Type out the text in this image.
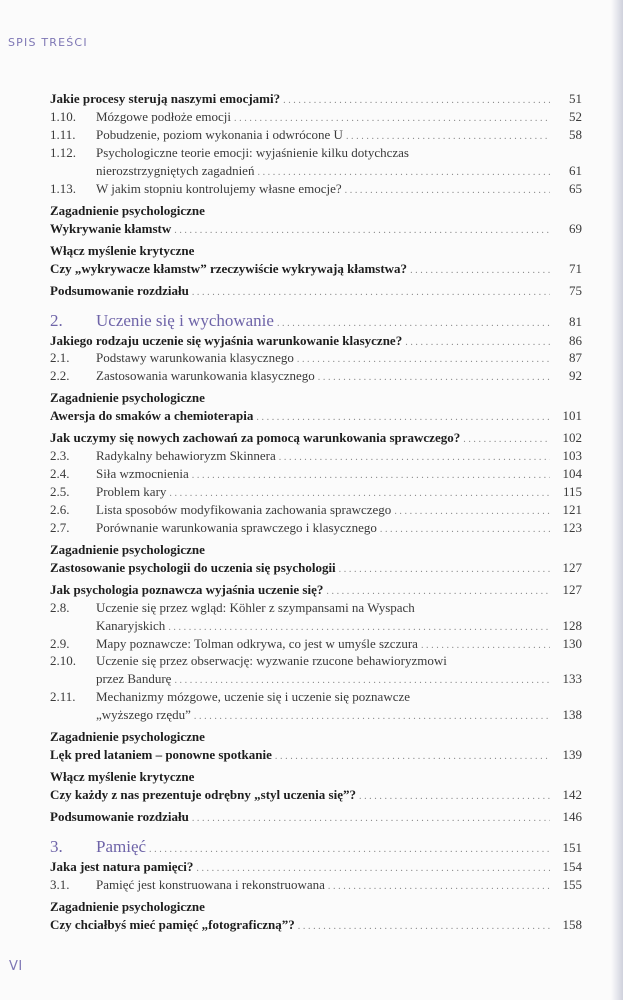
SPIS TREŚCI
Jakie procesy sterują naszymi emocjami? .....	51
1.10.	Mózgowe podłoże emocji .....	52
1.11.	Pobudzenie, poziom wykonania i odwrócone U .....	58
1.12.	Psychologiczne teorie emocji: wyjaśnienie kilku dotychczas
nierozstrzygniętych zagadnień .....	61
1.13.	W jakim stopniu kontrolujemy własne emocje? .....	65
Zagadnienie psychologiczne
Wykrywanie kłamstw .....	69
Włącz myślenie krytyczne
Czy „wykrywacze kłamstw” rzeczywiście wykrywają kłamstwa? .....	71
Podsumowanie rozdziału .....	75
2.	Uczenie się i wychowanie .....	81
Jakiego rodzaju uczenie się wyjaśnia warunkowanie klasyczne? .....	86
2.1.	Podstawy warunkowania klasycznego .....	87
2.2.	Zastosowania warunkowania klasycznego .....	92
Zagadnienie psychologiczne
Awersja do smaków a chemioterapia .....	101
Jak uczymy się nowych zachowań za pomocą warunkowania sprawczego? .....	102
2.3.	Radykalny behawioryzm Skinnera .....	103
2.4.	Siła wzmocnienia .....	104
2.5.	Problem kary .....	115
2.6.	Lista sposobów modyfikowania zachowania sprawczego .....	121
2.7.	Porównanie warunkowania sprawczego i klasycznego .....	123
Zagadnienie psychologiczne
Zastosowanie psychologii do uczenia się psychologii .....	127
Jak psychologia poznawcza wyjaśnia uczenie się? .....	127
2.8.	Uczenie się przez wgląd: Köhler z szympansami na Wyspach
Kanaryjskich .....	128
2.9.	Mapy poznawcze: Tolman odkrywa, co jest w umyśle szczura .....	130
2.10.	Uczenie się przez obserwację: wyzwanie rzucone behawioryzmowi
przez Bandurę .....	133
2.11.	Mechanizmy mózgowe, uczenie się i uczenie się poznawcze
„wyższego rzędu” .....	138
Zagadnienie psychologiczne
Lęk pred lataniem – ponowne spotkanie .....	139
Włącz myślenie krytyczne
Czy każdy z nas prezentuje odrębny „styl uczenia się”? .....	142
Podsumowanie rozdziału .....	146
3.	Pamięć .....	151
Jaka jest natura pamięci? .....	154
3.1.	Pamięć jest konstruowana i rekonstruowana .....	155
Zagadnienie psychologiczne
Czy chciałbyś mieć pamięć „fotograficzną”? .....	158
VI
